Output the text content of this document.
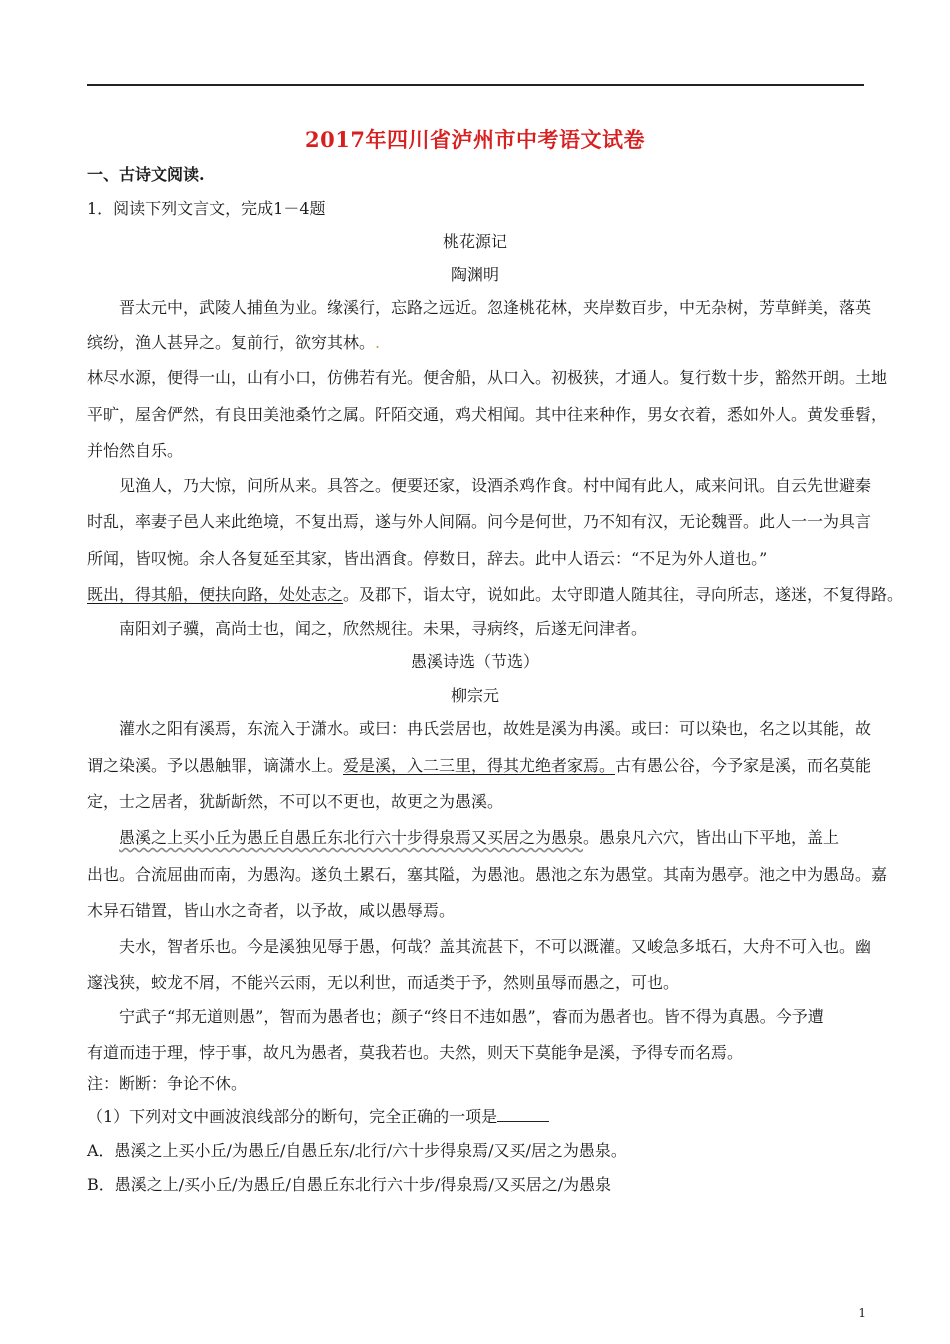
2017年四川省泸州市中考语文试卷
一、古诗文阅读.
1．阅读下列文言文，完成1－4题
桃花源记
陶渊明
晋太元中，武陵人捕鱼为业。缘溪行，忘路之远近。忽逢桃花林，夹岸数百步，中无杂树，芳草鲜美，落英
缤纷，渔人甚异之。复前行，欲穷其林。.
林尽水源，便得一山，山有小口，仿佛若有光。便舍船，从口入。初极狭，才通人。复行数十步，豁然开朗。土地
平旷，屋舍俨然，有良田美池桑竹之属。阡陌交通，鸡犬相闻。其中往来种作，男女衣着，悉如外人。黄发垂髫，
并怡然自乐。
见渔人，乃大惊，问所从来。具答之。便要还家，设酒杀鸡作食。村中闻有此人，咸来问讯。自云先世避秦
时乱，率妻子邑人来此绝境，不复出焉，遂与外人间隔。问今是何世，乃不知有汉，无论魏晋。此人一一为具言
所闻，皆叹惋。余人各复延至其家，皆出酒食。停数日，辞去。此中人语云：“不足为外人道也。”
既出，得其船，便扶向路，处处志之。及郡下，诣太守，说如此。太守即遣人随其往，寻向所志，遂迷，不复得路。
南阳刘子骥，高尚士也，闻之，欣然规往。未果，寻病终，后遂无问津者。
愚溪诗选（节选）
柳宗元
灌水之阳有溪焉，东流入于潇水。或曰：冉氏尝居也，故姓是溪为冉溪。或曰：可以染也，名之以其能，故
谓之染溪。予以愚触罪，谪潇水上。爱是溪，入二三里，得其尤绝者家焉。古有愚公谷，今予家是溪，而名莫能
定，士之居者，犹龂龂然，不可以不更也，故更之为愚溪。
愚溪之上买小丘为愚丘自愚丘东北行六十步得泉焉又买居之为愚泉。愚泉凡六穴，皆出山下平地，盖上
出也。合流屈曲而南，为愚沟。遂负土累石，塞其隘，为愚池。愚池之东为愚堂。其南为愚亭。池之中为愚岛。嘉
木异石错置，皆山水之奇者，以予故，咸以愚辱焉。
夫水，智者乐也。今是溪独见辱于愚，何哉？盖其流甚下，不可以溉灌。又峻急多坻石，大舟不可入也。幽
邃浅狭，蛟龙不屑，不能兴云雨，无以利世，而适类于予，然则虽辱而愚之，可也。
宁武子“邦无道则愚”，智而为愚者也；颜子“终日不违如愚”，睿而为愚者也。皆不得为真愚。今予遭
有道而违于理，悖于事，故凡为愚者，莫我若也。夫然，则天下莫能争是溪，予得专而名焉。
注：断断：争论不休。
（1）下列对文中画波浪线部分的断句，完全正确的一项是
A．愚溪之上买小丘/为愚丘/自愚丘东/北行/六十步得泉焉/又买/居之为愚泉。
B．愚溪之上/买小丘/为愚丘/自愚丘东北行六十步/得泉焉/又买居之/为愚泉
1
